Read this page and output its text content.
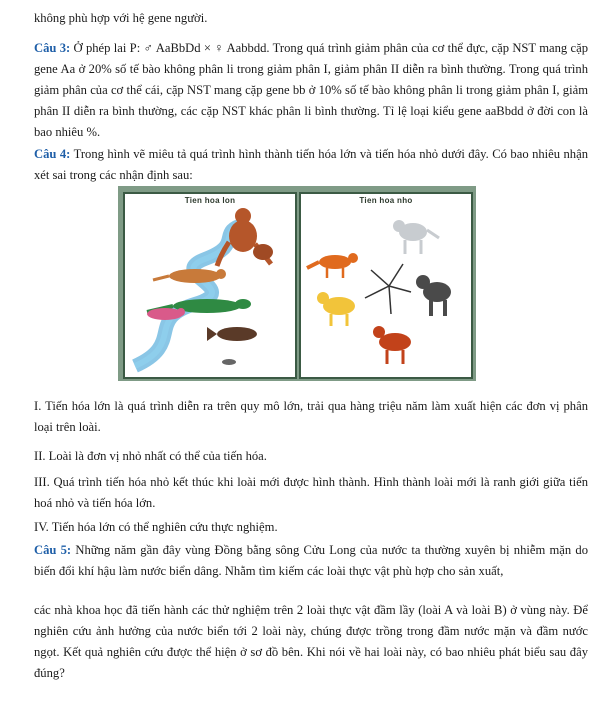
không phù hợp với hệ gene người.

Câu 3: Ở phép lai P: ♂ AaBbDd × ♀ Aabbdd. Trong quá trình giảm phân của cơ thể đực, cặp NST mang cặp gene Aa ở 20% số tế bào không phân li trong giảm phân I, giảm phân II diễn ra bình thường. Trong quá trình giảm phân của cơ thể cái, cặp NST mang cặp gene bb ở 10% số tế bào không phân li trong giảm phân I, giảm phân II diễn ra bình thường, các cặp NST khác phân li bình thường. Tỉ lệ loại kiểu gene aaBbdd ở đời con là bao nhiêu %.

Câu 4: Trong hình vẽ miêu tả quá trình hình thành tiến hóa lớn và tiến hóa nhỏ dưới đây. Có bao nhiêu nhận xét sai trong các nhận định sau:

Tien hoa lon	Tien hoa nho

I. Tiến hóa lớn là quá trình diễn ra trên quy mô lớn, trải qua hàng triệu năm làm xuất hiện các đơn vị phân loại trên loài.

II. Loài là đơn vị nhỏ nhất có thể của tiến hóa.

III. Quá trình tiến hóa nhỏ kết thúc khi loài mới được hình thành. Hình thành loài mới là ranh giới giữa tiến hoá nhỏ và tiến hóa lớn.

IV. Tiến hóa lớn có thể nghiên cứu thực nghiệm.

Câu 5: Những năm gần đây vùng Đồng bằng sông Cửu Long của nước ta thường xuyên bị nhiễm mặn do biến đổi khí hậu làm nước biển dâng. Nhằm tìm kiếm các loài thực vật phù hợp cho sản xuất,

các nhà khoa học đã tiến hành các thử nghiệm trên 2 loài thực vật đầm lầy (loài A và loài B) ở vùng này. Để nghiên cứu ảnh hưởng của nước biển tới 2 loài này, chúng được trồng trong đầm nước mặn và đầm nước ngọt. Kết quả nghiên cứu được thể hiện ở sơ đồ bên. Khi nói về hai loài này, có bao nhiêu phát biểu sau đây đúng?
